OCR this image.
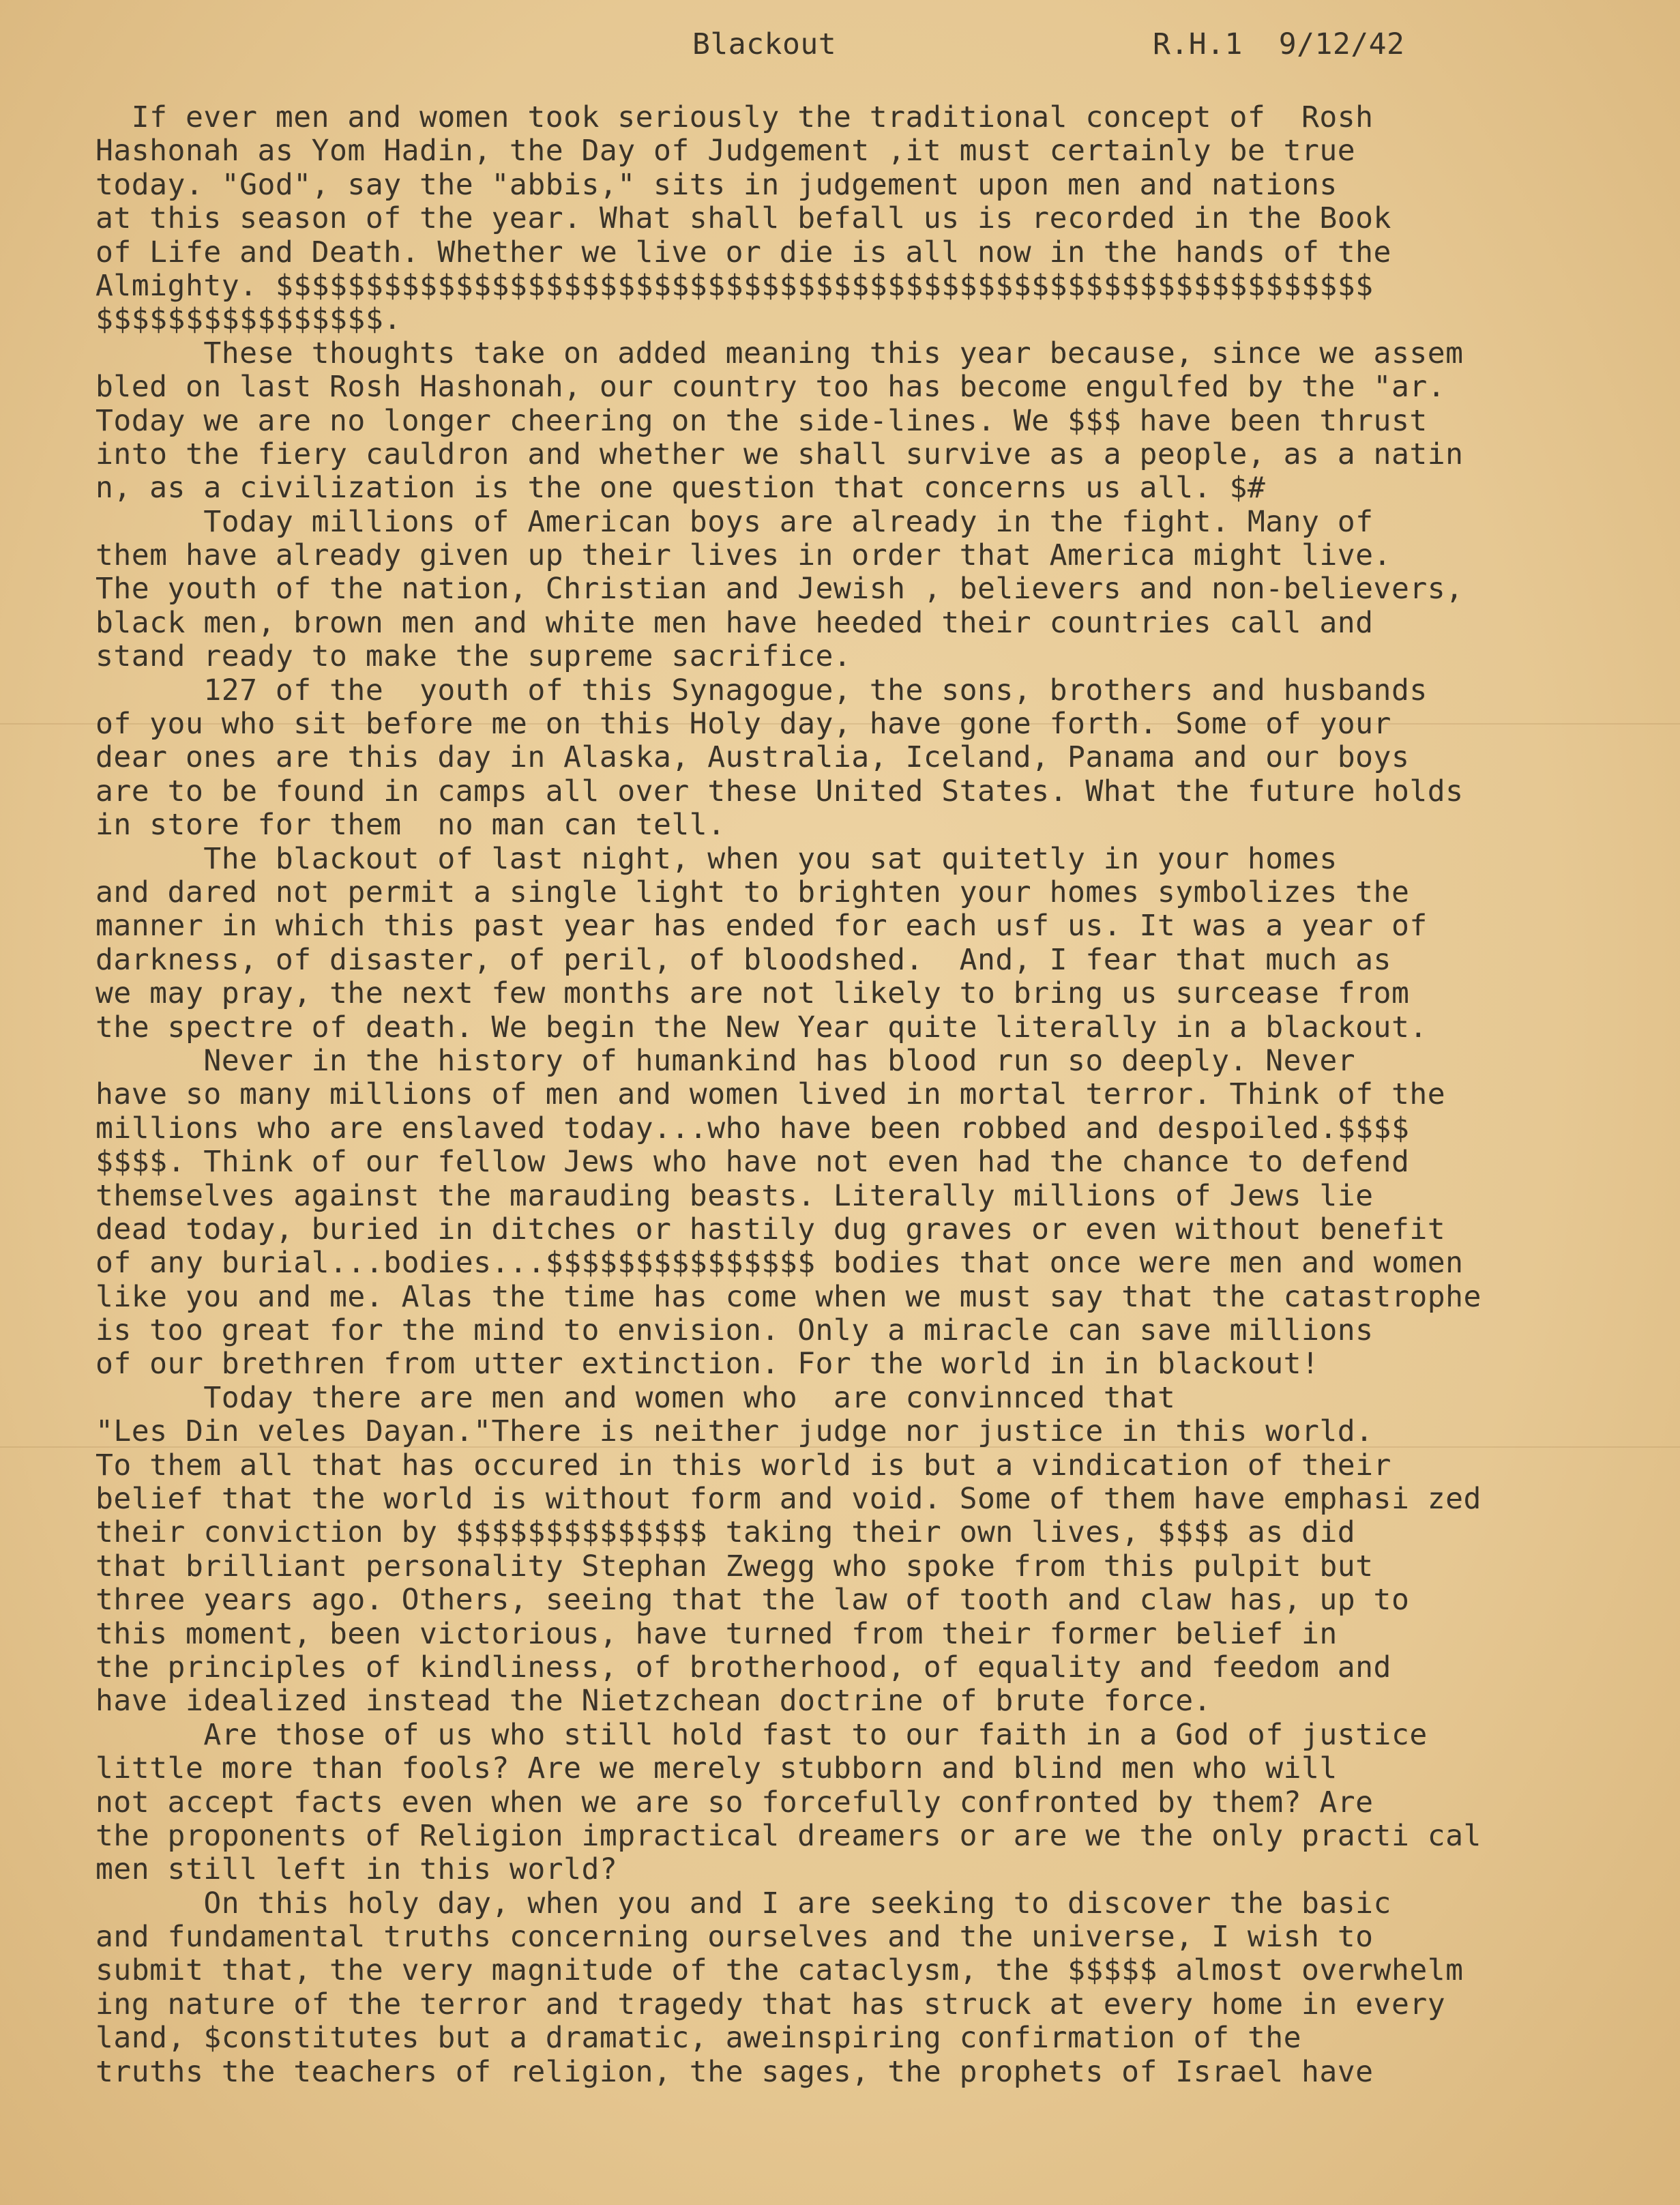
Blackout	R.H.1  9/12/42
If ever men and women took seriously the traditional concept of  Rosh
Hashonah as Yom Hadin, the Day of Judgement ,it must certainly be true
today. "God", say the "abbis," sits in judgement upon men and nations
at this season of the year. What shall befall us is recorded in the Book
of Life and Death. Whether we live or die is all now in the hands of the
Almighty. $$$$$$$$$$$$$$$$$$$$$$$$$$$$$$$$$$$$$$$$$$$$$$$$$$$$$$$$$$$$$
$$$$$$$$$$$$$$$$.
These thoughts take on added meaning this year because, since we assem
bled on last Rosh Hashonah, our country too has become engulfed by the "ar.
Today we are no longer cheering on the side-lines. We $$$ have been thrust
into the fiery cauldron and whether we shall survive as a people, as a natin
n, as a civilization is the one question that concerns us all. $#
Today millions of American boys are already in the fight. Many of
them have already given up their lives in order that America might live.
The youth of the nation, Christian and Jewish , believers and non-believers,
black men, brown men and white men have heeded their countries call and
stand ready to make the supreme sacrifice.
127 of the  youth of this Synagogue, the sons, brothers and husbands
of you who sit before me on this Holy day, have gone forth. Some of your
dear ones are this day in Alaska, Australia, Iceland, Panama and our boys
are to be found in camps all over these United States. What the future holds
in store for them  no man can tell.
The blackout of last night, when you sat quitetly in your homes
and dared not permit a single light to brighten your homes symbolizes the
manner in which this past year has ended for each usf us. It was a year of
darkness, of disaster, of peril, of bloodshed.  And, I fear that much as
we may pray, the next few months are not likely to bring us surcease from
the spectre of death. We begin the New Year quite literally in a blackout.
Never in the history of humankind has blood run so deeply. Never
have so many millions of men and women lived in mortal terror. Think of the
millions who are enslaved today...who have been robbed and despoiled.$$$$
$$$$. Think of our fellow Jews who have not even had the chance to defend
themselves against the marauding beasts. Literally millions of Jews lie
dead today, buried in ditches or hastily dug graves or even without benefit
of any burial...bodies...$$$$$$$$$$$$$$$ bodies that once were men and women
like you and me. Alas the time has come when we must say that the catastrophe
is too great for the mind to envision. Only a miracle can save millions
of our brethren from utter extinction. For the world in in blackout!
Today there are men and women who  are convinnced that
"Les Din veles Dayan."There is neither judge nor justice in this world.
To them all that has occured in this world is but a vindication of their
belief that the world is without form and void. Some of them have emphasi zed
their conviction by $$$$$$$$$$$$$$ taking their own lives, $$$$ as did
that brilliant personality Stephan Zwegg who spoke from this pulpit but
three years ago. Others, seeing that the law of tooth and claw has, up to
this moment, been victorious, have turned from their former belief in
the principles of kindliness, of brotherhood, of equality and feedom and
have idealized instead the Nietzchean doctrine of brute force.
Are those of us who still hold fast to our faith in a God of justice
little more than fools? Are we merely stubborn and blind men who will
not accept facts even when we are so forcefully confronted by them? Are
the proponents of Religion impractical dreamers or are we the only practi cal
men still left in this world?
On this holy day, when you and I are seeking to discover the basic
and fundamental truths concerning ourselves and the universe, I wish to
submit that, the very magnitude of the cataclysm, the $$$$$ almost overwhelm
ing nature of the terror and tragedy that has struck at every home in every
land, $constitutes but a dramatic, aweinspiring confirmation of the
truths the teachers of religion, the sages, the prophets of Israel have
